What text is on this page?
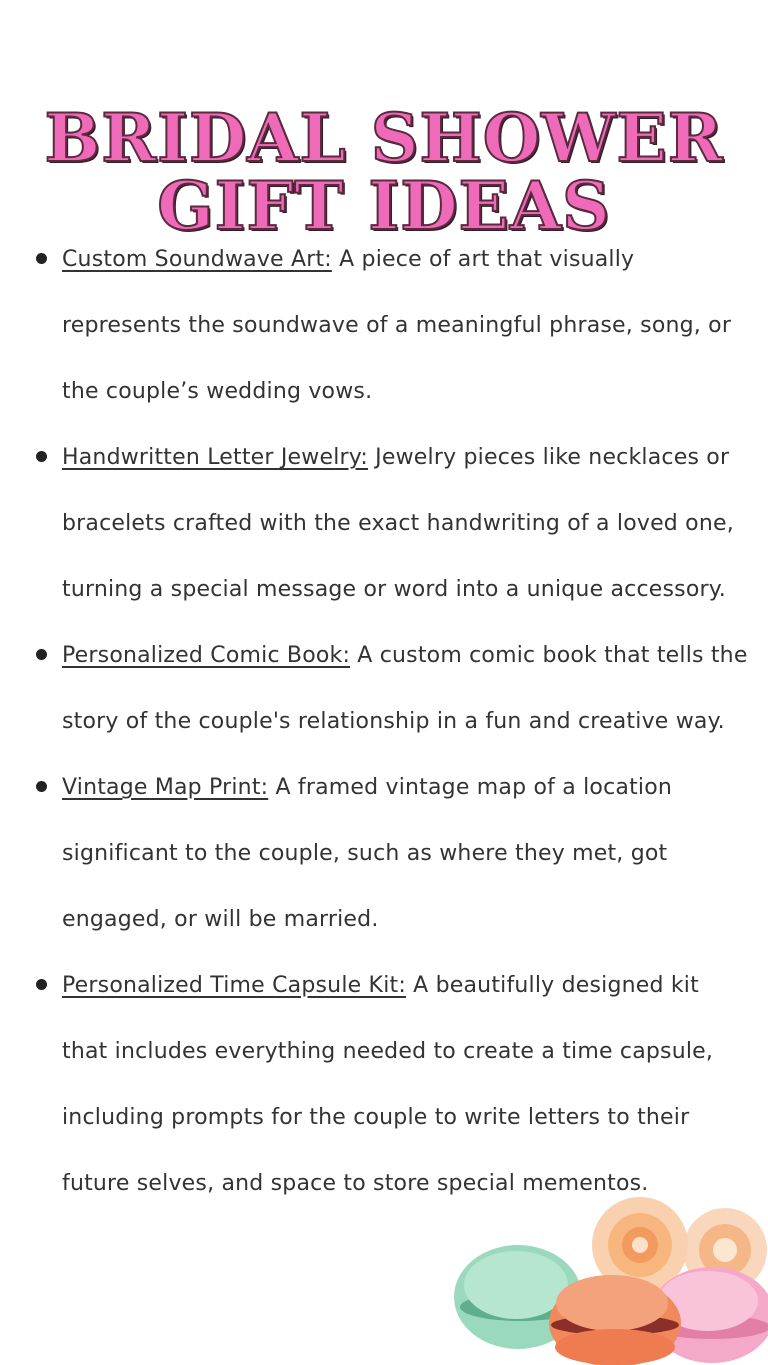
BRIDAL SHOWER
GIFT IDEAS
Custom Soundwave Art: A piece of art that visually represents the soundwave of a meaningful phrase, song, or the couple’s wedding vows.
Handwritten Letter Jewelry: Jewelry pieces like necklaces or bracelets crafted with the exact handwriting of a loved one, turning a special message or word into a unique accessory.
Personalized Comic Book: A custom comic book that tells the story of the couple's relationship in a fun and creative way.
Vintage Map Print: A framed vintage map of a location significant to the couple, such as where they met, got engaged, or will be married.
Personalized Time Capsule Kit: A beautifully designed kit that includes everything needed to create a time capsule, including prompts for the couple to write letters to their future selves, and space to store special mementos.
